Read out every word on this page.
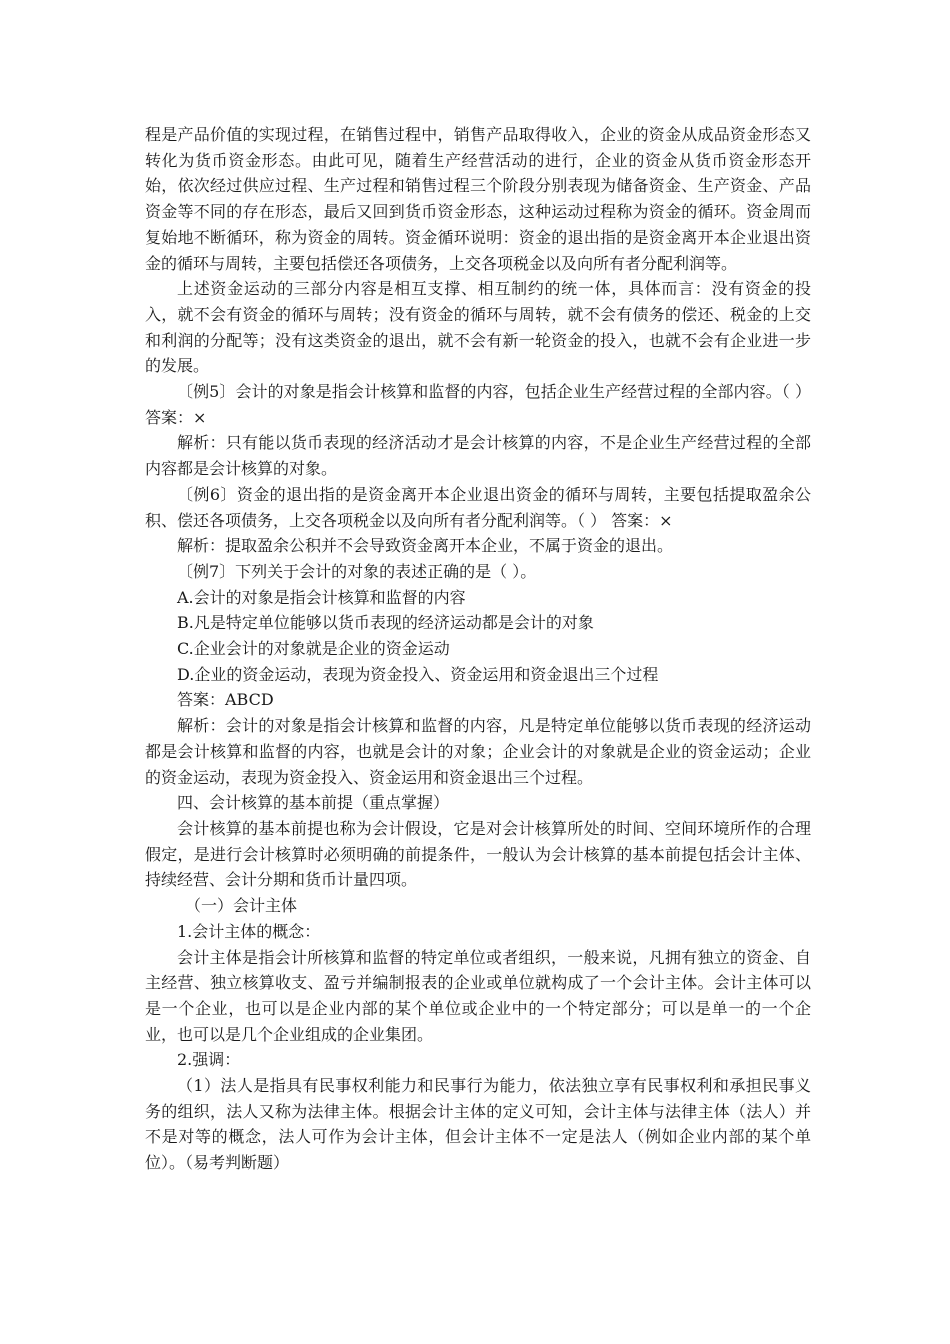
程是产品价值的实现过程，在销售过程中，销售产品取得收入，企业的资金从成品资金形态又转化为货币资金形态。由此可见，随着生产经营活动的进行，企业的资金从货币资金形态开始，依次经过供应过程、生产过程和销售过程三个阶段分别表现为储备资金、生产资金、产品资金等不同的存在形态，最后又回到货币资金形态，这种运动过程称为资金的循环。资金周而复始地不断循环，称为资金的周转。资金循环说明：资金的退出指的是资金离开本企业退出资金的循环与周转，主要包括偿还各项债务，上交各项税金以及向所有者分配利润等。

上述资金运动的三部分内容是相互支撑、相互制约的统一体，具体而言：没有资金的投入，就不会有资金的循环与周转；没有资金的循环与周转，就不会有债务的偿还、税金的上交和利润的分配等；没有这类资金的退出，就不会有新一轮资金的投入，也就不会有企业进一步的发展。

〔例5〕会计的对象是指会计核算和监督的内容，包括企业生产经营过程的全部内容。（ ） 答案：×

解析：只有能以货币表现的经济活动才是会计核算的内容，不是企业生产经营过程的全部内容都是会计核算的对象。

〔例6〕资金的退出指的是资金离开本企业退出资金的循环与周转，主要包括提取盈余公积、偿还各项债务，上交各项税金以及向所有者分配利润等。（ ） 答案：×

解析：提取盈余公积并不会导致资金离开本企业，不属于资金的退出。

〔例7〕下列关于会计的对象的表述正确的是（ ）。

A.会计的对象是指会计核算和监督的内容

B.凡是特定单位能够以货币表现的经济运动都是会计的对象

C.企业会计的对象就是企业的资金运动

D.企业的资金运动，表现为资金投入、资金运用和资金退出三个过程

答案：ABCD

解析：会计的对象是指会计核算和监督的内容，凡是特定单位能够以货币表现的经济运动都是会计核算和监督的内容，也就是会计的对象；企业会计的对象就是企业的资金运动；企业的资金运动，表现为资金投入、资金运用和资金退出三个过程。

四、会计核算的基本前提（重点掌握）

会计核算的基本前提也称为会计假设，它是对会计核算所处的时间、空间环境所作的合理假定，是进行会计核算时必须明确的前提条件，一般认为会计核算的基本前提包括会计主体、持续经营、会计分期和货币计量四项。

（一）会计主体

1.会计主体的概念：

会计主体是指会计所核算和监督的特定单位或者组织，一般来说，凡拥有独立的资金、自主经营、独立核算收支、盈亏并编制报表的企业或单位就构成了一个会计主体。会计主体可以是一个企业，也可以是企业内部的某个单位或企业中的一个特定部分；可以是单一的一个企业，也可以是几个企业组成的企业集团。

2.强调：

（1）法人是指具有民事权利能力和民事行为能力，依法独立享有民事权利和承担民事义务的组织，法人又称为法律主体。根据会计主体的定义可知，会计主体与法律主体（法人）并不是对等的概念，法人可作为会计主体，但会计主体不一定是法人（例如企业内部的某个单位）。（易考判断题）
